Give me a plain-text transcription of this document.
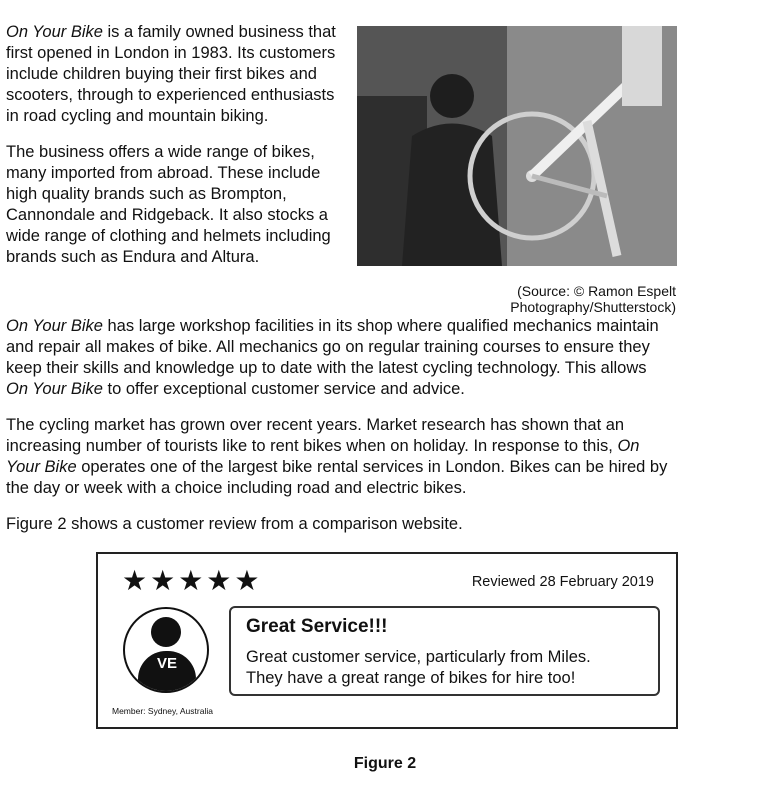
On Your Bike is a family owned business that
first opened in London in 1983. Its customers
include children buying their first bikes and
scooters, through to experienced enthusiasts
in road cycling and mountain biking.

The business offers a wide range of bikes,
many imported from abroad. These include
high quality brands such as Brompton,
Cannondale and Ridgeback. It also stocks a
wide range of clothing and helmets including
brands such as Endura and Altura.

(Source: © Ramon Espelt Photography/Shutterstock)

On Your Bike has large workshop facilities in its shop where qualified mechanics maintain
and repair all makes of bike. All mechanics go on regular training courses to ensure they
keep their skills and knowledge up to date with the latest cycling technology. This allows
On Your Bike to offer exceptional customer service and advice.

The cycling market has grown over recent years. Market research has shown that an
increasing number of tourists like to rent bikes when on holiday. In response to this, On
Your Bike operates one of the largest bike rental services in London. Bikes can be hired by
the day or week with a choice including road and electric bikes.

Figure 2 shows a customer review from a comparison website.

★★★★★	Reviewed 28 February 2019
VE
Member: Sydney, Australia
Great Service!!!
Great customer service, particularly from Miles.
They have a great range of bikes for hire too!
Figure 2
